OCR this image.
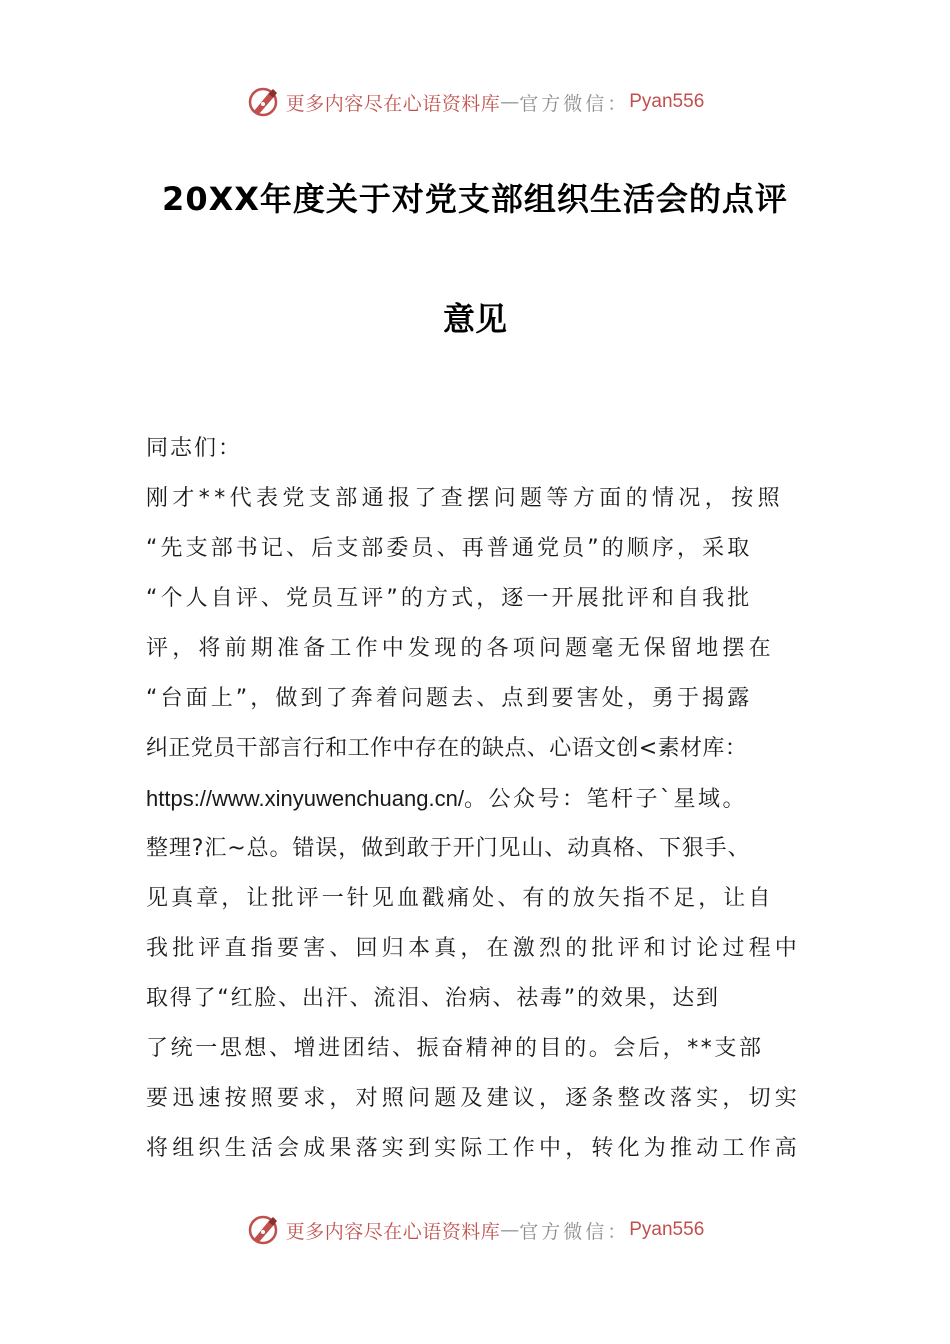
更多内容尽在心语资料库 — 官方微信： Pyan556
20XX年度关于对党支部组织生活会的点评
意见

同志们：

刚才**代表党支部通报了查摆问题等方面的情况，按照

“先支部书记、后支部委员、再普通党员”的顺序，采取

“个人自评、党员互评”的方式，逐一开展批评和自我批

评，将前期准备工作中发现的各项问题毫无保留地摆在

“台面上”，做到了奔着问题去、点到要害处，勇于揭露

纠正党员干部言行和工作中存在的缺点、心语文创<素材库：

https://www.xinyuwenchuang.cn/。公众号：笔杆子`星域。

整理?汇~总。错误，做到敢于开门见山、动真格、下狠手、

见真章，让批评一针见血戳痛处、有的放矢指不足，让自

我批评直指要害、回归本真，在激烈的批评和讨论过程中

取得了“红脸、出汗、流泪、治病、祛毒”的效果，达到

了统一思想、增进团结、振奋精神的目的。会后，**支部

要迅速按照要求，对照问题及建议，逐条整改落实，切实

将组织生活会成果落实到实际工作中，转化为推动工作高

更多内容尽在心语资料库 — 官方微信： Pyan556
